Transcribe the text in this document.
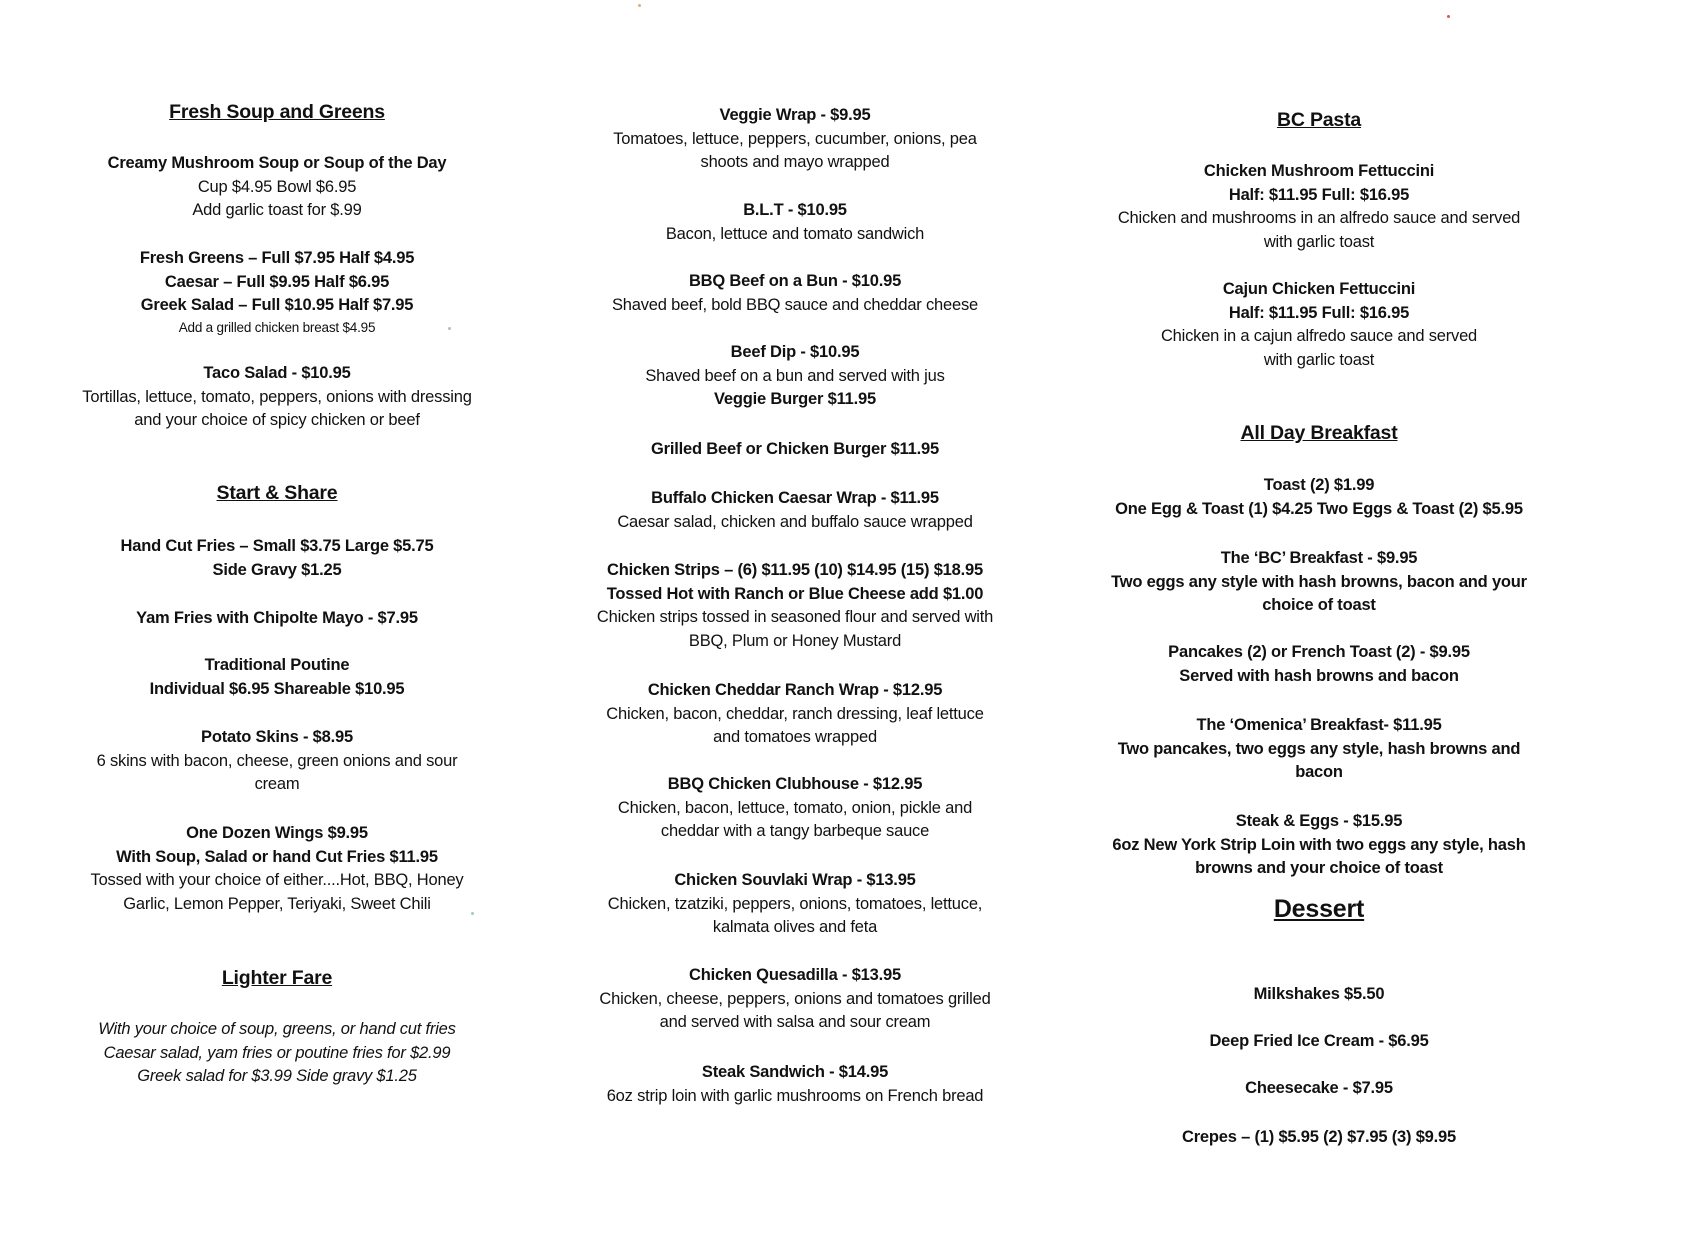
Fresh Soup and Greens
Creamy Mushroom Soup or Soup of the Day
Cup $4.95 Bowl $6.95
Add garlic toast for $.99
Fresh Greens – Full $7.95 Half $4.95
Caesar – Full $9.95 Half $6.95
Greek Salad – Full $10.95 Half $7.95
Add a grilled chicken breast $4.95
Taco Salad - $10.95
Tortillas, lettuce, tomato, peppers, onions with dressing
and your choice of spicy chicken or beef
Start & Share
Hand Cut Fries – Small $3.75 Large $5.75
Side Gravy $1.25
Yam Fries with Chipolte Mayo - $7.95
Traditional Poutine
Individual $6.95 Shareable $10.95
Potato Skins - $8.95
6 skins with bacon, cheese, green onions and sour
cream
One Dozen Wings $9.95
With Soup, Salad or hand Cut Fries $11.95
Tossed with your choice of either....Hot, BBQ, Honey
Garlic, Lemon Pepper, Teriyaki, Sweet Chili
Lighter Fare
With your choice of soup, greens, or hand cut fries
Caesar salad, yam fries or poutine fries for $2.99
Greek salad for $3.99 Side gravy $1.25
Veggie Wrap - $9.95
Tomatoes, lettuce, peppers, cucumber, onions, pea
shoots and mayo wrapped
B.L.T - $10.95
Bacon, lettuce and tomato sandwich
BBQ Beef on a Bun - $10.95
Shaved beef, bold BBQ sauce and cheddar cheese
Beef Dip - $10.95
Shaved beef on a bun and served with jus
Veggie Burger $11.95
Grilled Beef or Chicken Burger $11.95
Buffalo Chicken Caesar Wrap - $11.95
Caesar salad, chicken and buffalo sauce wrapped
Chicken Strips – (6) $11.95 (10) $14.95 (15) $18.95
Tossed Hot with Ranch or Blue Cheese add $1.00
Chicken strips tossed in seasoned flour and served with
BBQ, Plum or Honey Mustard
Chicken Cheddar Ranch Wrap - $12.95
Chicken, bacon, cheddar, ranch dressing, leaf lettuce
and tomatoes wrapped
BBQ Chicken Clubhouse - $12.95
Chicken, bacon, lettuce, tomato, onion, pickle and
cheddar with a tangy barbeque sauce
Chicken Souvlaki Wrap - $13.95
Chicken, tzatziki, peppers, onions, tomatoes, lettuce,
kalmata olives and feta
Chicken Quesadilla - $13.95
Chicken, cheese, peppers, onions and tomatoes grilled
and served with salsa and sour cream
Steak Sandwich - $14.95
6oz strip loin with garlic mushrooms on French bread
BC Pasta
Chicken Mushroom Fettuccini
Half: $11.95 Full: $16.95
Chicken and mushrooms in an alfredo sauce and served
with garlic toast
Cajun Chicken Fettuccini
Half: $11.95 Full: $16.95
Chicken in a cajun alfredo sauce and served
with garlic toast
All Day Breakfast
Toast (2) $1.99
One Egg & Toast (1) $4.25 Two Eggs & Toast (2) $5.95
The ‘BC’ Breakfast - $9.95
Two eggs any style with hash browns, bacon and your
choice of toast
Pancakes (2) or French Toast (2) - $9.95
Served with hash browns and bacon
The ‘Omenica’ Breakfast- $11.95
Two pancakes, two eggs any style, hash browns and
bacon
Steak & Eggs - $15.95
6oz New York Strip Loin with two eggs any style, hash
browns and your choice of toast
Dessert
Milkshakes $5.50
Deep Fried Ice Cream - $6.95
Cheesecake - $7.95
Crepes – (1) $5.95 (2) $7.95 (3) $9.95
